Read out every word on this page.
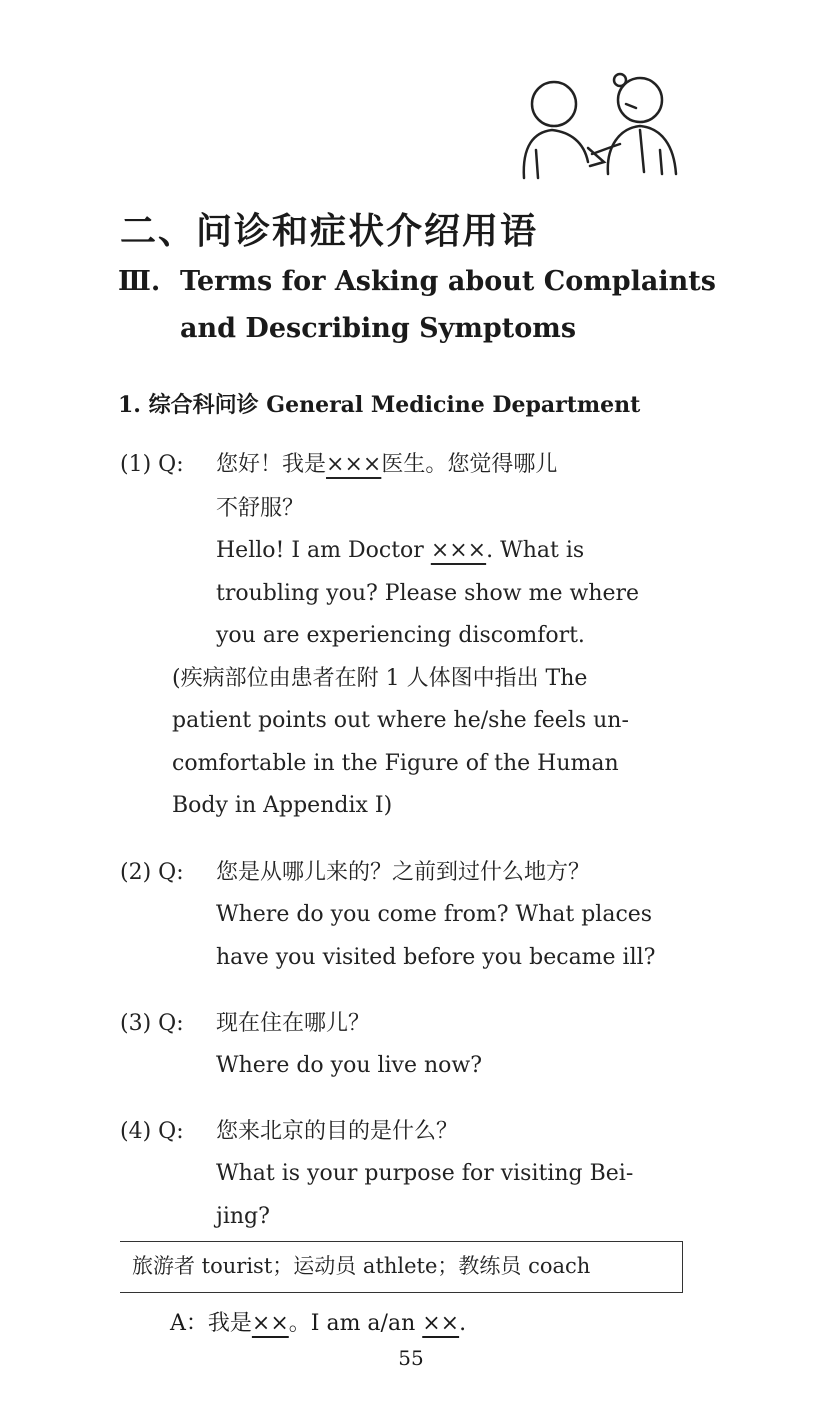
二、问诊和症状介绍用语
Ⅲ. Terms for Asking about Complaints
and Describing Symptoms
1. 综合科问诊 General Medicine Department
(1) Q: 您好！我是×××医生。您觉得哪儿
不舒服？
Hello! I am Doctor ×××. What is
troubling you? Please show me where
you are experiencing discomfort.
(疾病部位由患者在附 1 人体图中指出 The
patient points out where he/she feels un-
comfortable in the Figure of the Human
Body in Appendix I)
(2) Q: 您是从哪儿来的？之前到过什么地方？
Where do you come from? What places
have you visited before you became ill?
(3) Q: 现在住在哪儿？
Where do you live now?
(4) Q: 您来北京的目的是什么？
What is your purpose for visiting Bei-
jing?
旅游者 tourist；运动员 athlete；教练员 coach
A：我是××。I am a/an ××.
55
